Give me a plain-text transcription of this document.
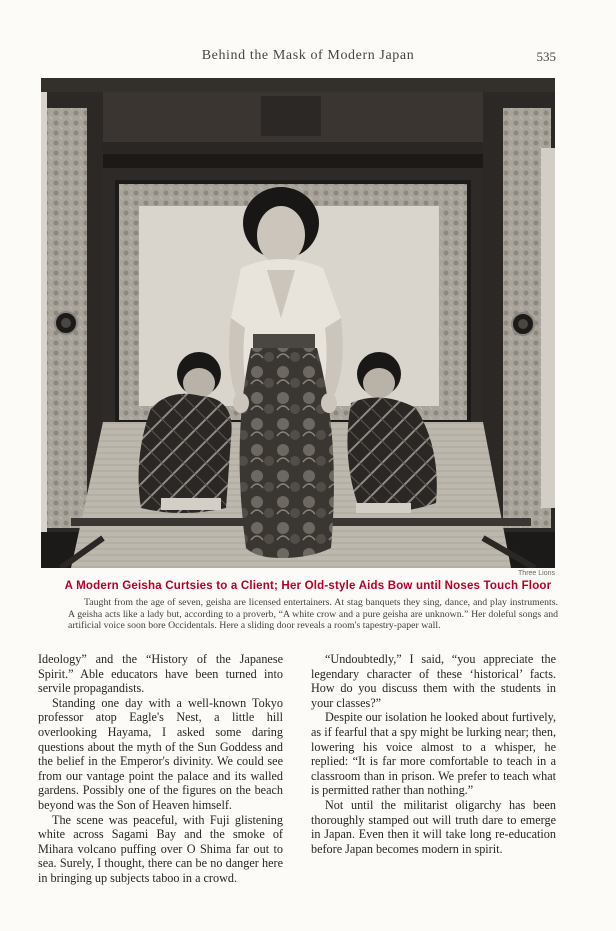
Behind the Mask of Modern Japan	535
Three Lions
A Modern Geisha Curtsies to a Client; Her Old-style Aids Bow until Noses Touch Floor
Taught from the age of seven, geisha are licensed entertainers. At stag banquets they sing, dance, and play instruments. A geisha acts like a lady but, according to a proverb, “A white crow and a pure geisha are unknown.” Her doleful songs and artificial voice soon bore Occidentals. Here a sliding door reveals a room's tapestry-paper wall.

Ideology” and the “History of the Japanese Spirit.” Able educators have been turned into servile propagandists.

Standing one day with a well-known Tokyo professor atop Eagle's Nest, a little hill overlooking Hayama, I asked some daring questions about the myth of the Sun Goddess and the belief in the Emperor's divinity. We could see from our vantage point the palace and its walled gardens. Possibly one of the figures on the beach beyond was the Son of Heaven himself.

The scene was peaceful, with Fuji glistening white across Sagami Bay and the smoke of Mihara volcano puffing over O Shima far out to sea. Surely, I thought, there can be no danger here in bringing up subjects taboo in a crowd.

“Undoubtedly,” I said, “you appreciate the legendary character of these ‘historical’ facts. How do you discuss them with the students in your classes?”

Despite our isolation he looked about furtively, as if fearful that a spy might be lurking near; then, lowering his voice almost to a whisper, he replied: “It is far more comfortable to teach in a classroom than in prison. We prefer to teach what is permitted rather than nothing.”

Not until the militarist oligarchy has been thoroughly stamped out will truth dare to emerge in Japan. Even then it will take long re-education before Japan becomes modern in spirit.
